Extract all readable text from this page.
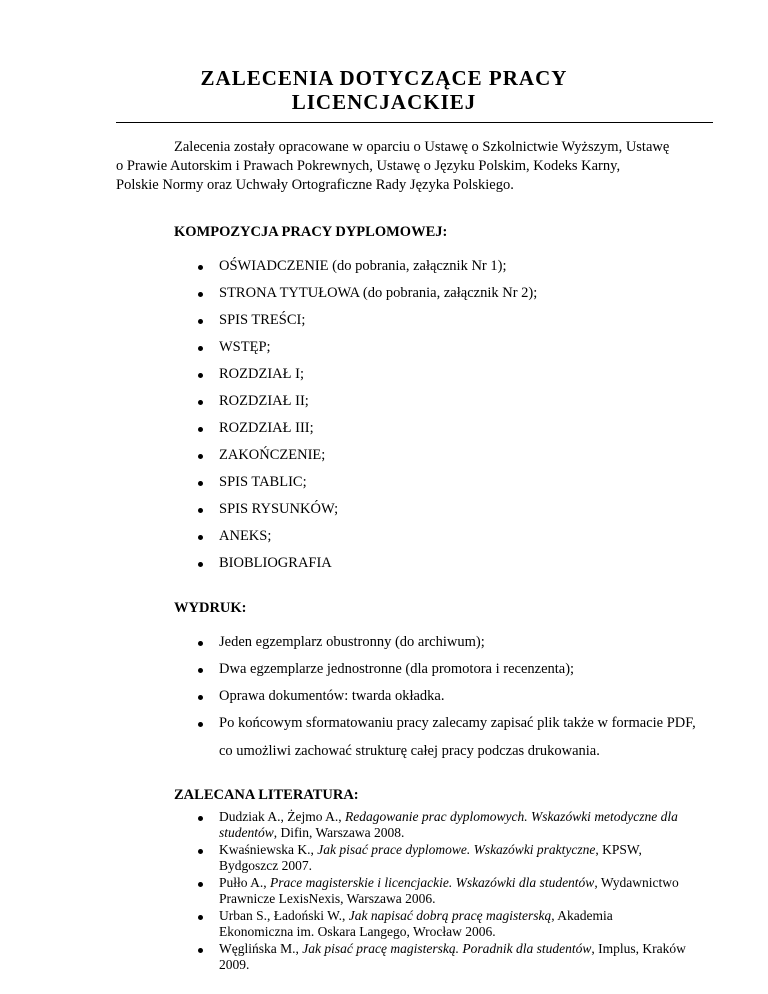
ZALECENIA DOTYCZĄCE PRACY
LICENCJACKIEJ
Zalecenia zostały opracowane w oparciu o Ustawę o Szkolnictwie Wyższym, Ustawę
o Prawie Autorskim i Prawach Pokrewnych, Ustawę o Języku Polskim, Kodeks Karny,
Polskie Normy oraz Uchwały Ortograficzne Rady Języka Polskiego.
KOMPOZYCJA PRACY DYPLOMOWEJ:
OŚWIADCZENIE (do pobrania, załącznik Nr 1);
STRONA TYTUŁOWA (do pobrania, załącznik Nr 2);
SPIS TREŚCI;
WSTĘP;
ROZDZIAŁ I;
ROZDZIAŁ II;
ROZDZIAŁ III;
ZAKOŃCZENIE;
SPIS TABLIC;
SPIS RYSUNKÓW;
ANEKS;
BIOBLIOGRAFIA
WYDRUK:
Jeden egzemplarz obustronny (do archiwum);
Dwa egzemplarze jednostronne (dla promotora i recenzenta);
Oprawa dokumentów: twarda okładka.
Po końcowym sformatowaniu pracy zalecamy zapisać plik także w formacie PDF,
co umożliwi zachować strukturę całej pracy podczas drukowania.
ZALECANA LITERATURA:
Dudziak A., Żejmo A., Redagowanie prac dyplomowych. Wskazówki metodyczne dla
studentów, Difin, Warszawa 2008.
Kwaśniewska K., Jak pisać prace dyplomowe. Wskazówki praktyczne, KPSW,
Bydgoszcz 2007.
Pułło A., Prace magisterskie i licencjackie. Wskazówki dla studentów, Wydawnictwo
Prawnicze LexisNexis, Warszawa 2006.
Urban S., Ładoński W., Jak napisać dobrą pracę magisterską, Akademia
Ekonomiczna im. Oskara Langego, Wrocław 2006.
Węglińska M., Jak pisać pracę magisterską. Poradnik dla studentów, Implus, Kraków
2009.
